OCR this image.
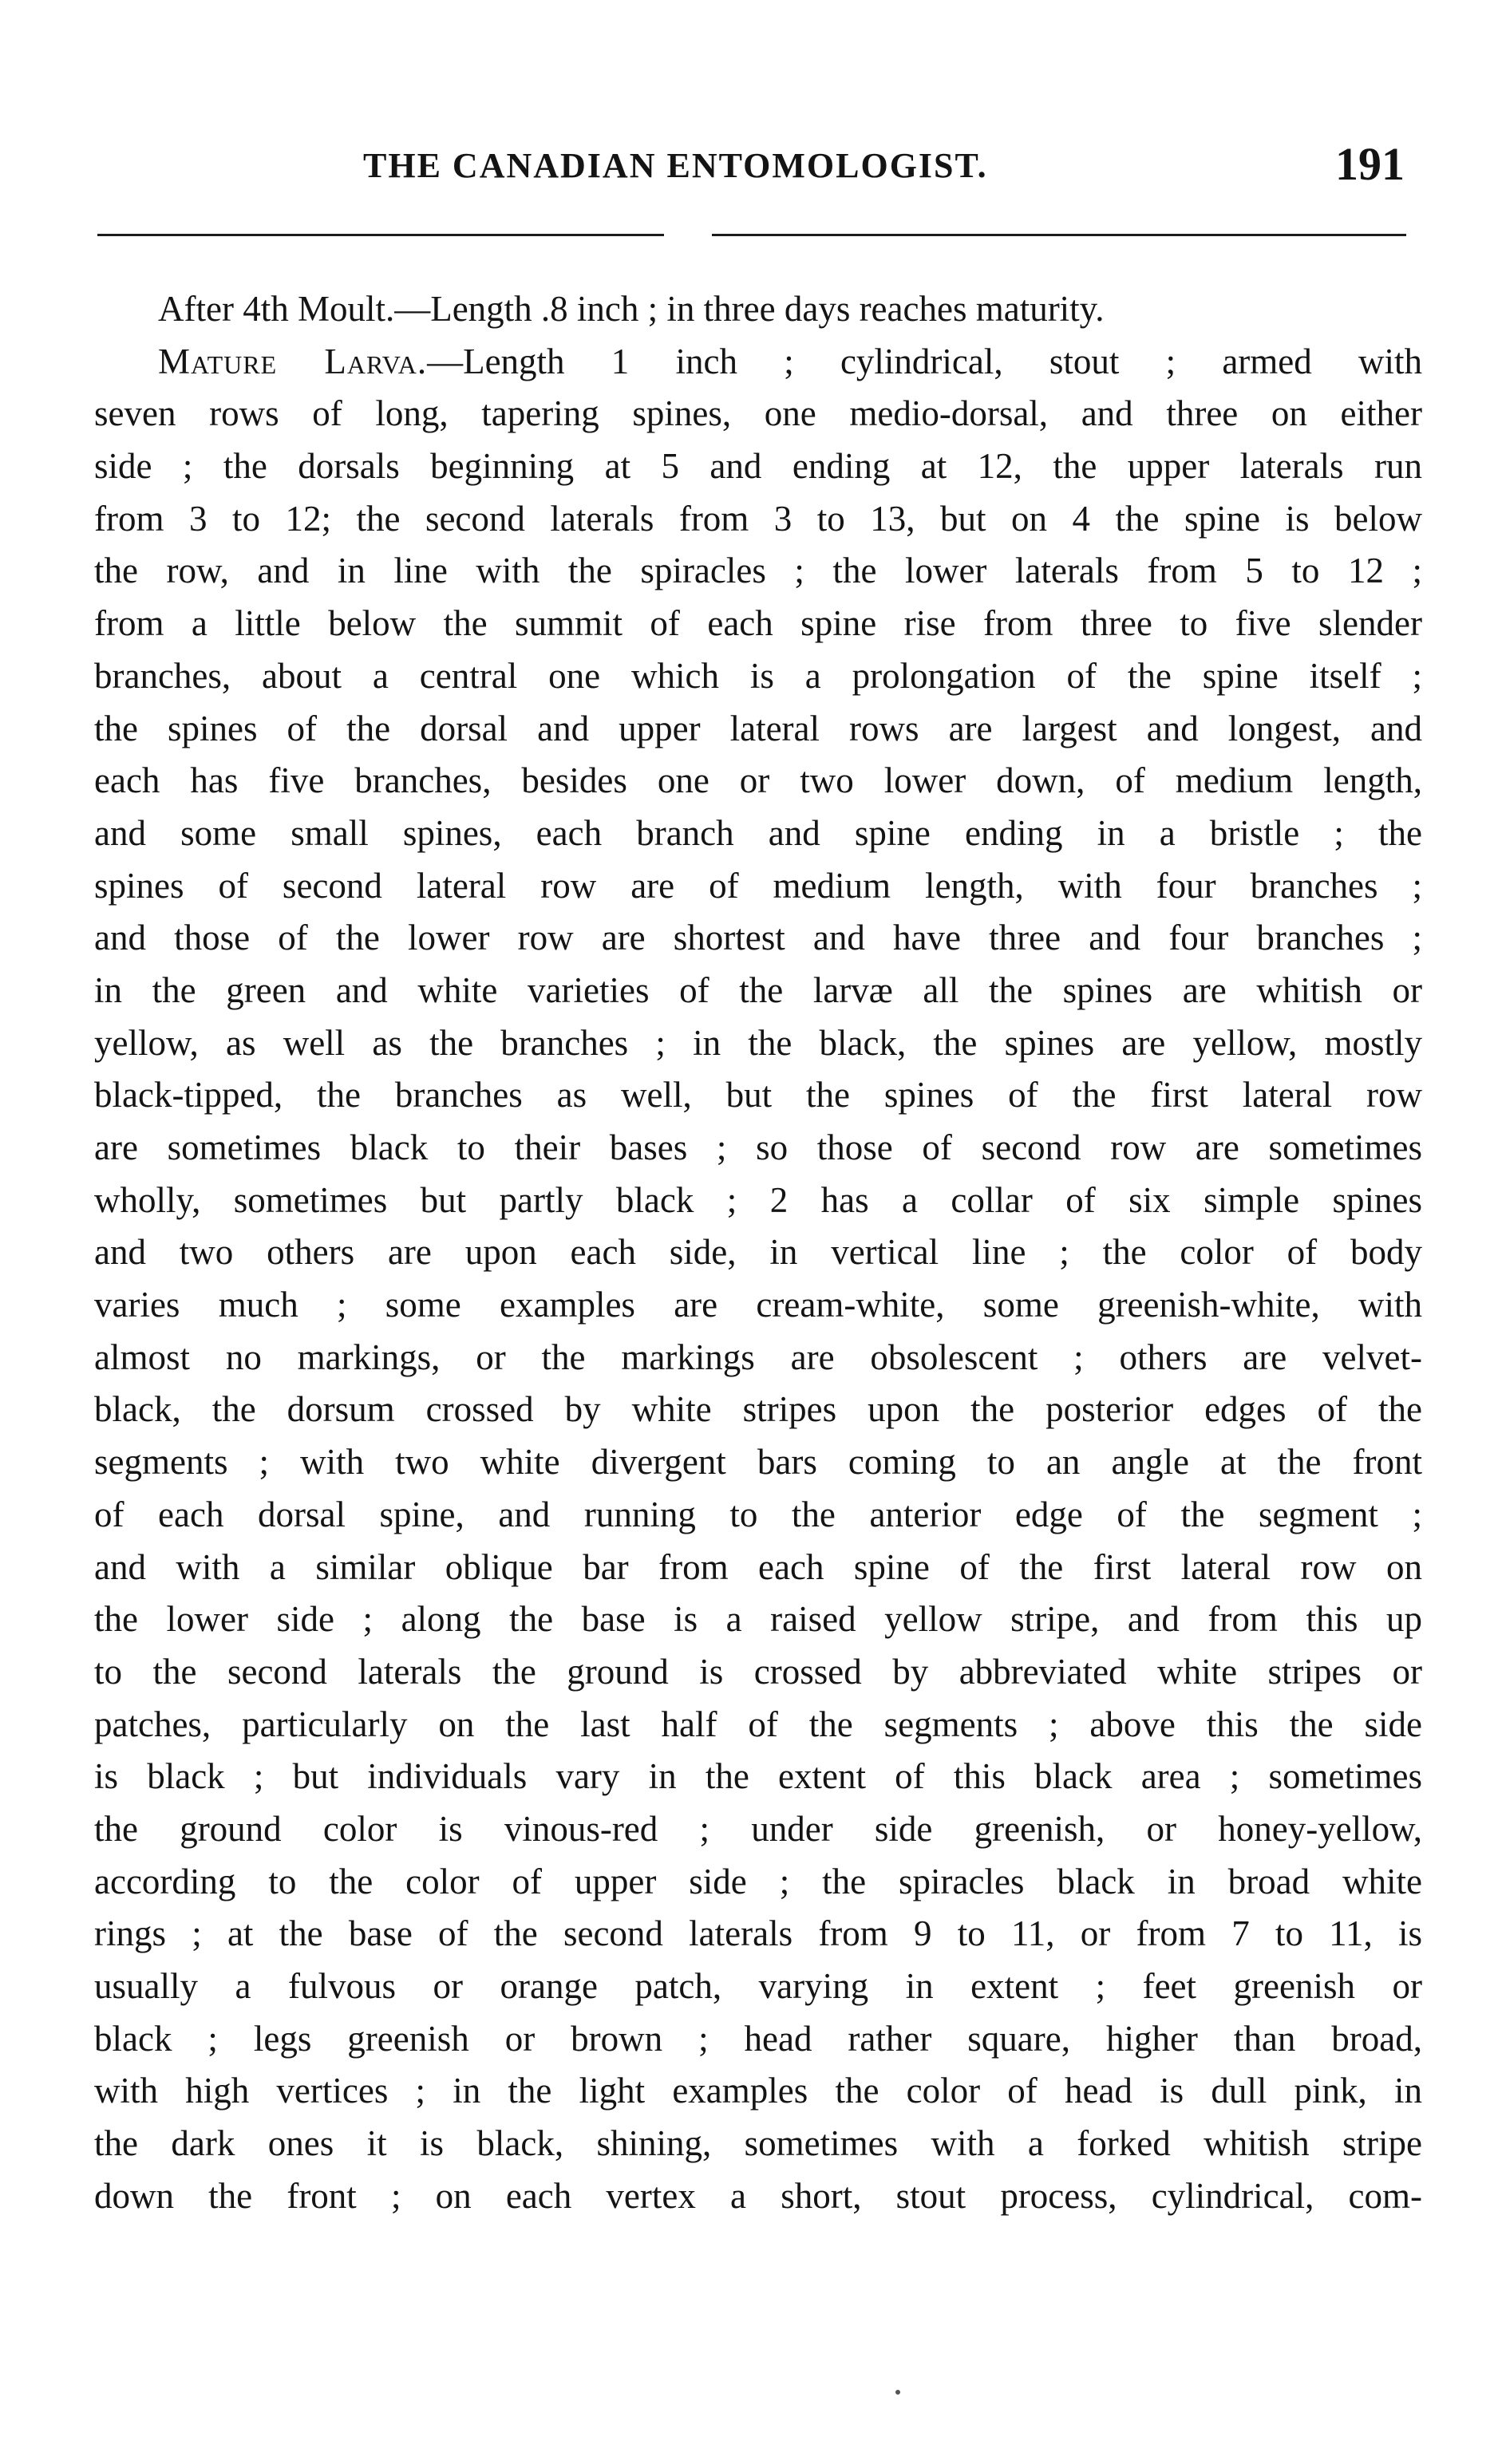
THE CANADIAN ENTOMOLOGIST.	191
After 4th Moult.—Length .8 inch ; in three days reaches maturity.
Mature Larva.—Length 1 inch ; cylindrical, stout ; armed with
seven rows of long, tapering spines, one medio-dorsal, and three on either
side ; the dorsals beginning at 5 and ending at 12, the upper laterals run
from 3 to 12; the second laterals from 3 to 13, but on 4 the spine is below
the row, and in line with the spiracles ; the lower laterals from 5 to 12 ;
from a little below the summit of each spine rise from three to five slender
branches, about a central one which is a prolongation of the spine itself ;
the spines of the dorsal and upper lateral rows are largest and longest, and
each has five branches, besides one or two lower down, of medium length,
and some small spines, each branch and spine ending in a bristle ; the
spines of second lateral row are of medium length, with four branches ;
and those of the lower row are shortest and have three and four branches ;
in the green and white varieties of the larvæ all the spines are whitish or
yellow, as well as the branches ; in the black, the spines are yellow, mostly
black-tipped, the branches as well, but the spines of the first lateral row
are sometimes black to their bases ; so those of second row are sometimes
wholly, sometimes but partly black ; 2 has a collar of six simple spines
and two others are upon each side, in vertical line ; the color of body
varies much ; some examples are cream-white, some greenish-white, with
almost no markings, or the markings are obsolescent ; others are velvet-
black, the dorsum crossed by white stripes upon the posterior edges of the
segments ; with two white divergent bars coming to an angle at the front
of each dorsal spine, and running to the anterior edge of the segment ;
and with a similar oblique bar from each spine of the first lateral row on
the lower side ; along the base is a raised yellow stripe, and from this up
to the second laterals the ground is crossed by abbreviated white stripes or
patches, particularly on the last half of the segments ; above this the side
is black ; but individuals vary in the extent of this black area ; sometimes
the ground color is vinous-red ; under side greenish, or honey-yellow,
according to the color of upper side ; the spiracles black in broad white
rings ; at the base of the second laterals from 9 to 11, or from 7 to 11, is
usually a fulvous or orange patch, varying in extent ; feet greenish or
black ; legs greenish or brown ; head rather square, higher than broad,
with high vertices ; in the light examples the color of head is dull pink, in
the dark ones it is black, shining, sometimes with a forked whitish stripe
down the front ; on each vertex a short, stout process, cylindrical, com-
